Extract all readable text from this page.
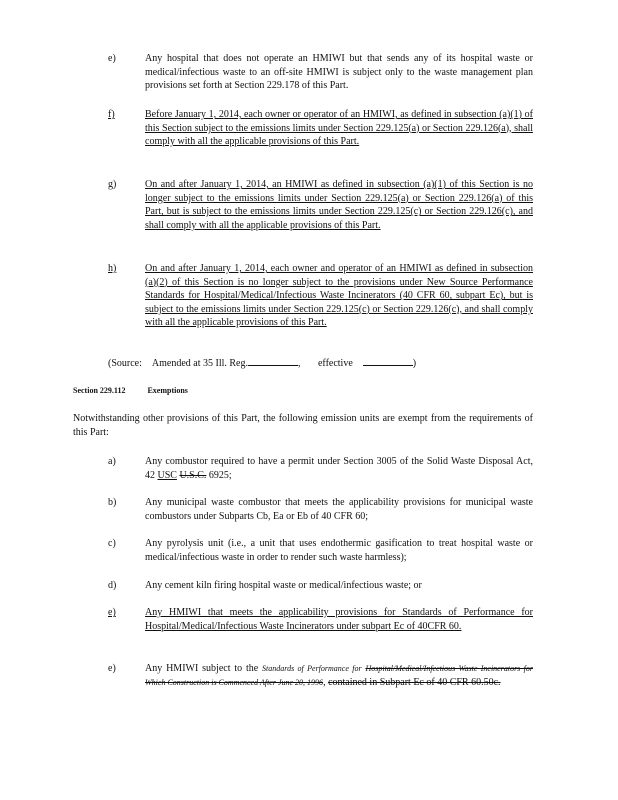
e)	Any hospital that does not operate an HMIWI but that sends any of its hospital waste or medical/infectious waste to an off-site HMIWI is subject only to the waste management plan provisions set forth at Section 229.178 of this Part.
f)	Before January 1, 2014, each owner or operator of an HMIWI, as defined in subsection (a)(1) of this Section subject to the emissions limits under Section 229.125(a) or Section 229.126(a), shall comply with all the applicable provisions of this Part.
g)	On and after January 1, 2014, an HMIWI as defined in subsection (a)(1) of this Section is no longer subject to the emissions limits under Section 229.125(a) or Section 229.126(a) of this Part, but is subject to the emissions limits under Section 229.125(c) or Section 229.126(c), and shall comply with all the applicable provisions of this Part.
h)	On and after January 1, 2014, each owner and operator of an HMIWI as defined in subsection (a)(2) of this Section is no longer subject to the provisions under New Source Performance Standards for Hospital/Medical/Infectious Waste Incinerators (40 CFR 60, subpart Ec), but is subject to the emissions limits under Section 229.125(c) or Section 229.126(c), and shall comply with all the applicable provisions of this Part.
(Source: Amended at 35 Ill. Reg.	, effective	)
Section 229.112	Exemptions
Notwithstanding other provisions of this Part, the following emission units are exempt from the requirements of this Part:
a)	Any combustor required to have a permit under Section 3005 of the Solid Waste Disposal Act, 42 USC U.S.C. 6925;
b)	Any municipal waste combustor that meets the applicability provisions for municipal waste combustors under Subparts Cb, Ea or Eb of 40 CFR 60;
c)	Any pyrolysis unit (i.e., a unit that uses endothermic gasification to treat hospital waste or medical/infectious waste in order to render such waste harmless);
d)	Any cement kiln firing hospital waste or medical/infectious waste; or
e)	Any HMIWI that meets the applicability provisions for Standards of Performance for Hospital/Medical/Infectious Waste Incinerators under subpart Ec of 40CFR 60.
e)	Any HMIWI subject to the Standards of Performance for Hospital/Medical/Infectious Waste Incinerators for Which Construction is Commenced After June 20, 1996, contained in Subpart Ec of 40 CFR 60.50c.
